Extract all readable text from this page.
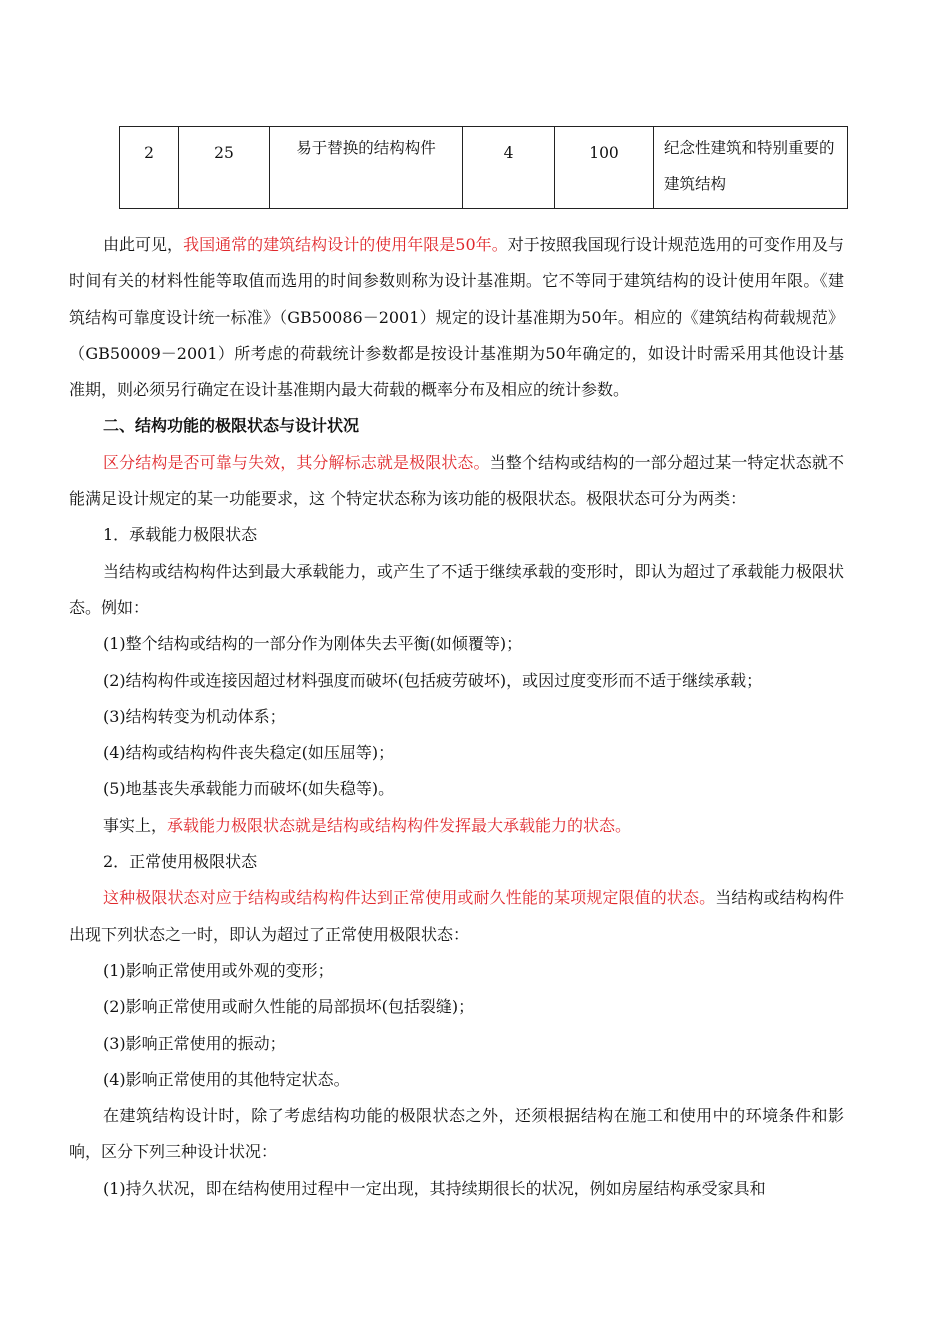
2	25	易于替换的结构构件	4	100	纪念性建筑和特别重要的建筑结构

由此可见，我国通常的建筑结构设计的使用年限是50年。对于按照我国现行设计规范选用的可变作用及与时间有关的材料性能等取值而选用的时间参数则称为设计基准期。它不等同于建筑结构的设计使用年限。《建筑结构可靠度设计统一标准》（GB50086－2001）规定的设计基准期为50年。相应的《建筑结构荷载规范》（GB50009－2001）所考虑的荷载统计参数都是按设计基准期为50年确定的，如设计时需采用其他设计基准期，则必须另行确定在设计基准期内最大荷载的概率分布及相应的统计参数。

二、结构功能的极限状态与设计状况

区分结构是否可靠与失效，其分解标志就是极限状态。当整个结构或结构的一部分超过某一特定状态就不能满足设计规定的某一功能要求，这 个特定状态称为该功能的极限状态。极限状态可分为两类：

1．承载能力极限状态

当结构或结构构件达到最大承载能力，或产生了不适于继续承载的变形时，即认为超过了承载能力极限状态。例如：

(1)整个结构或结构的一部分作为刚体失去平衡(如倾覆等)；

(2)结构构件或连接因超过材料强度而破坏(包括疲劳破坏)，或因过度变形而不适于继续承载；

(3)结构转变为机动体系；

(4)结构或结构构件丧失稳定(如压屈等)；

(5)地基丧失承载能力而破坏(如失稳等)。

事实上，承载能力极限状态就是结构或结构构件发挥最大承载能力的状态。

2．正常使用极限状态

这种极限状态对应于结构或结构构件达到正常使用或耐久性能的某项规定限值的状态。当结构或结构构件出现下列状态之一时，即认为超过了正常使用极限状态：

(1)影响正常使用或外观的变形；

(2)影响正常使用或耐久性能的局部损坏(包括裂缝)；

(3)影响正常使用的振动；

(4)影响正常使用的其他特定状态。

在建筑结构设计时，除了考虑结构功能的极限状态之外，还须根据结构在施工和使用中的环境条件和影响，区分下列三种设计状况：

(1)持久状况，即在结构使用过程中一定出现，其持续期很长的状况，例如房屋结构承受家具和
